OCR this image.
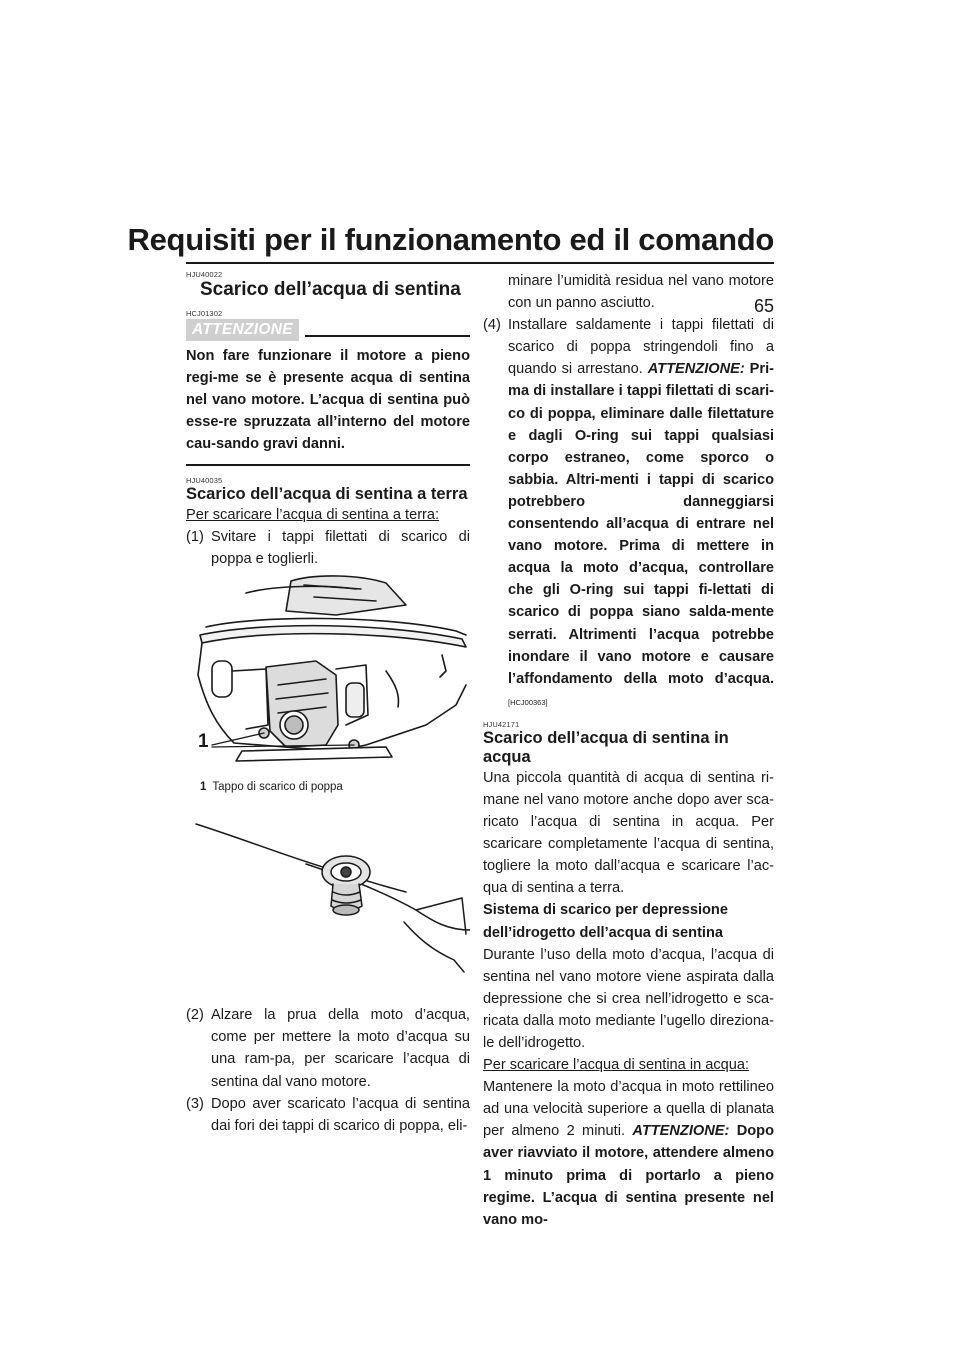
Requisiti per il funzionamento ed il comando
65
HJU40022
Scarico dell’acqua di sentina
HCJ01302
ATTENZIONE

Non fare funzionare il motore a pieno regi-me se è presente acqua di sentina nel vano motore. L’acqua di sentina può esse-re spruzzata all’interno del motore cau-sando gravi danni.

HJU40035
Scarico dell’acqua di sentina a terra

Per scaricare l’acqua di sentina a terra:

(1) Svitare i tappi filettati di scarico di poppa e toglierli.
1
1 Tappo di scarico di poppa
(2) Alzare la prua della moto d’acqua, come per mettere la moto d’acqua su una ram-pa, per scaricare l’acqua di sentina dal vano motore.
(3) Dopo aver scaricato l’acqua di sentina dai fori dei tappi di scarico di poppa, eli-
minare l’umidità residua nel vano motore con un panno asciutto.
(4) Installare saldamente i tappi filettati di scarico di poppa stringendoli fino a quando si arrestano. ATTENZIONE: Pri-ma di installare i tappi filettati di scari-co di poppa, eliminare dalle filettature e dagli O-ring sui tappi qualsiasi corpo estraneo, come sporco o sabbia. Altri-menti i tappi di scarico potrebbero danneggiarsi consentendo all’acqua di entrare nel vano motore. Prima di mettere in acqua la moto d’acqua, controllare che gli O-ring sui tappi fi-lettati di scarico di poppa siano salda-mente serrati. Altrimenti l’acqua potrebbe inondare il vano motore e causare l’affondamento della moto d’acqua. [HCJ00363]
HJU42171
Scarico dell’acqua di sentina in acqua

Una piccola quantità di acqua di sentina ri-mane nel vano motore anche dopo aver sca-ricato l’acqua di sentina in acqua. Per scaricare completamente l’acqua di sentina, togliere la moto dall’acqua e scaricare l’ac-qua di sentina a terra.

Sistema di scarico per depressione
dell’idrogetto dell’acqua di sentina

Durante l’uso della moto d’acqua, l’acqua di sentina nel vano motore viene aspirata dalla depressione che si crea nell’idrogetto e sca-ricata dalla moto mediante l’ugello direziona-le dell’idrogetto.

Per scaricare l’acqua di sentina in acqua:

Mantenere la moto d’acqua in moto rettilineo ad una velocità superiore a quella di planata per almeno 2 minuti. ATTENZIONE: Dopo aver riavviato il motore, attendere almeno 1 minuto prima di portarlo a pieno regime. L’acqua di sentina presente nel vano mo-
